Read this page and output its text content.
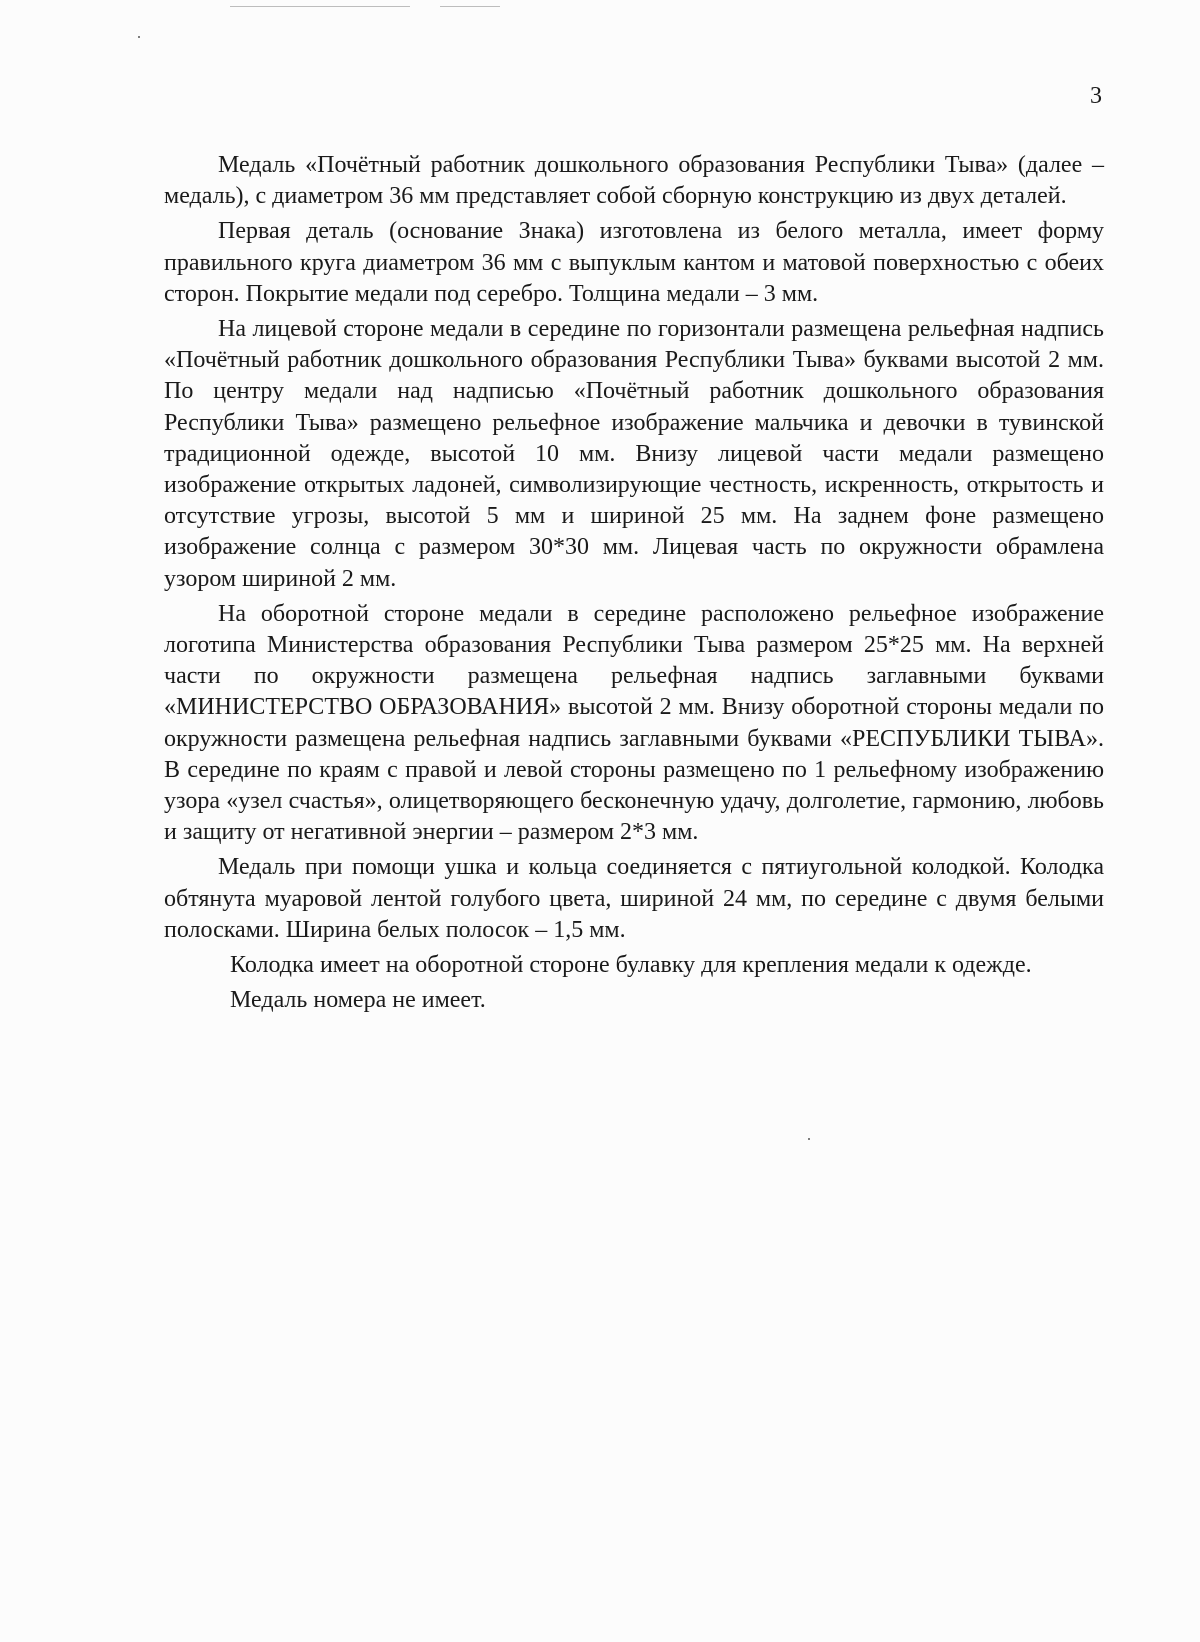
3

Медаль «Почётный работник дошкольного образования Республики Тыва» (далее – медаль), с диаметром 36 мм представляет собой сборную конструкцию из двух деталей.

Первая деталь (основание Знака) изготовлена из белого металла, имеет форму правильного круга диаметром 36 мм с выпуклым кантом и матовой поверхностью с обеих сторон. Покрытие медали под серебро. Толщина медали – 3 мм.

На лицевой стороне медали в середине по горизонтали размещена рельефная надпись «Почётный работник дошкольного образования Республики Тыва» буквами высотой 2 мм. По центру медали над надписью «Почётный работник дошкольного образования Республики Тыва» размещено рельефное изображение мальчика и девочки в тувинской традиционной одежде, высотой 10 мм. Внизу лицевой части медали размещено изображение открытых ладоней, символизирующие честность, искренность, открытость и отсутствие угрозы, высотой 5 мм и шириной 25 мм. На заднем фоне размещено изображение солнца с размером 30*30 мм. Лицевая часть по окружности обрамлена узором шириной 2 мм.

На оборотной стороне медали в середине расположено рельефное изображение логотипа Министерства образования Республики Тыва размером 25*25 мм. На верхней части по окружности размещена рельефная надпись заглавными буквами «МИНИСТЕРСТВО ОБРАЗОВАНИЯ» высотой 2 мм. Внизу оборотной стороны медали по окружности размещена рельефная надпись заглавными буквами «РЕСПУБЛИКИ ТЫВА». В середине по краям с правой и левой стороны размещено по 1 рельефному изображению узора «узел счастья», олицетворяющего бесконечную удачу, долголетие, гармонию, любовь и защиту от негативной энергии – размером 2*3 мм.

Медаль при помощи ушка и кольца соединяется с пятиугольной колодкой. Колодка обтянута муаровой лентой голубого цвета, шириной 24 мм, по середине с двумя белыми полосками. Ширина белых полосок – 1,5 мм.

Колодка имеет на оборотной стороне булавку для крепления медали к одежде.

Медаль номера не имеет.
